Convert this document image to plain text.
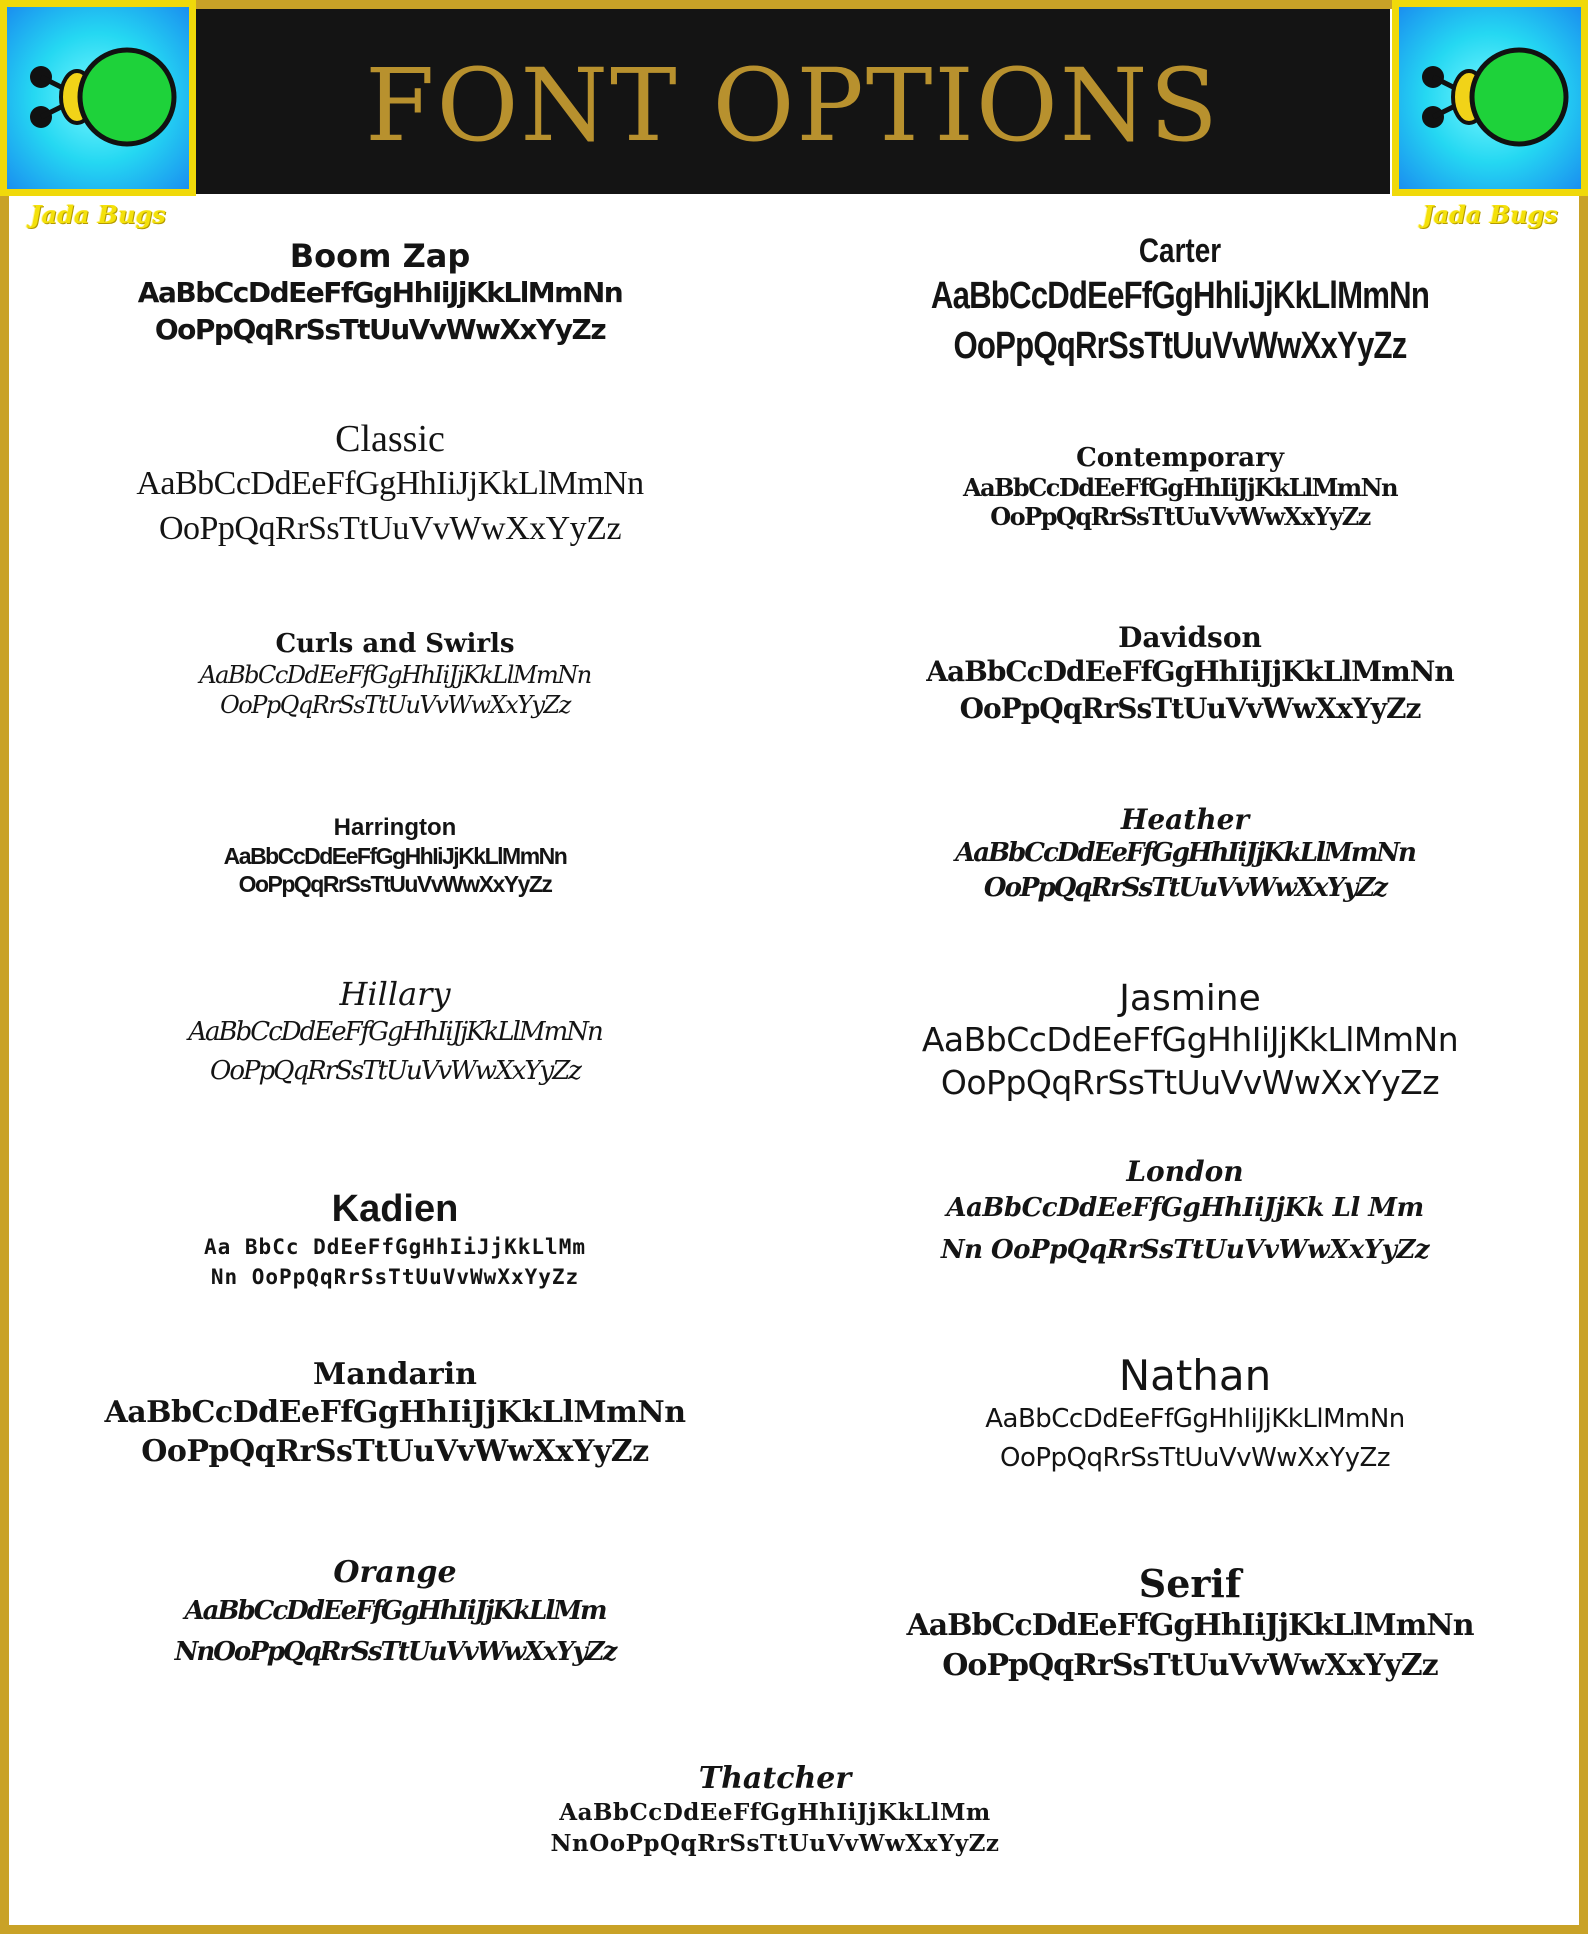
FONT OPTIONS
Jada Bugs	Jada Bugs
Boom Zap
AaBbCcDdEeFfGgHhIiJjKkLlMmNn
OoPpQqRrSsTtUuVvWwXxYyZz
Carter
AaBbCcDdEeFfGgHhIiJjKkLlMmNn
OoPpQqRrSsTtUuVvWwXxYyZz
Classic
AaBbCcDdEeFfGgHhIiJjKkLlMmNn
OoPpQqRrSsTtUuVvWwXxYyZz
Contemporary
AaBbCcDdEeFfGgHhIiJjKkLlMmNn
OoPpQqRrSsTtUuVvWwXxYyZz
Curls and Swirls
AaBbCcDdEeFfGgHhIiJjKkLlMmNn
OoPpQqRrSsTtUuVvWwXxYyZz
Davidson
AaBbCcDdEeFfGgHhIiJjKkLlMmNn
OoPpQqRrSsTtUuVvWwXxYyZz
Harrington
AaBbCcDdEeFfGgHhIiJjKkLlMmNn
OoPpQqRrSsTtUuVvWwXxYyZz
Heather
AaBbCcDdEeFfGgHhIiJjKkLlMmNn
OoPpQqRrSsTtUuVvWwXxYyZz
Hillary
AaBbCcDdEeFfGgHhIiJjKkLlMmNn
OoPpQqRrSsTtUuVvWwXxYyZz
Jasmine
AaBbCcDdEeFfGgHhIiJjKkLlMmNn
OoPpQqRrSsTtUuVvWwXxYyZz
Kadien
Aa BbCc DdEeFfGgHhIiJjKkLlMm
Nn OoPpQqRrSsTtUuVvWwXxYyZz
London
AaBbCcDdEeFfGgHhIiJjKk Ll Mm
Nn OoPpQqRrSsTtUuVvWwXxYyZz
Mandarin
AaBbCcDdEeFfGgHhIiJjKkLlMmNn
OoPpQqRrSsTtUuVvWwXxYyZz
Nathan
AaBbCcDdEeFfGgHhIiJjKkLlMmNn
OoPpQqRrSsTtUuVvWwXxYyZz
Orange
AaBbCcDdEeFfGgHhIiJjKkLlMm
NnOoPpQqRrSsTtUuVvWwXxYyZz
Serif
AaBbCcDdEeFfGgHhIiJjKkLlMmNn
OoPpQqRrSsTtUuVvWwXxYyZz
Thatcher
AaBbCcDdEeFfGgHhIiJjKkLlMm
NnOoPpQqRrSsTtUuVvWwXxYyZz
